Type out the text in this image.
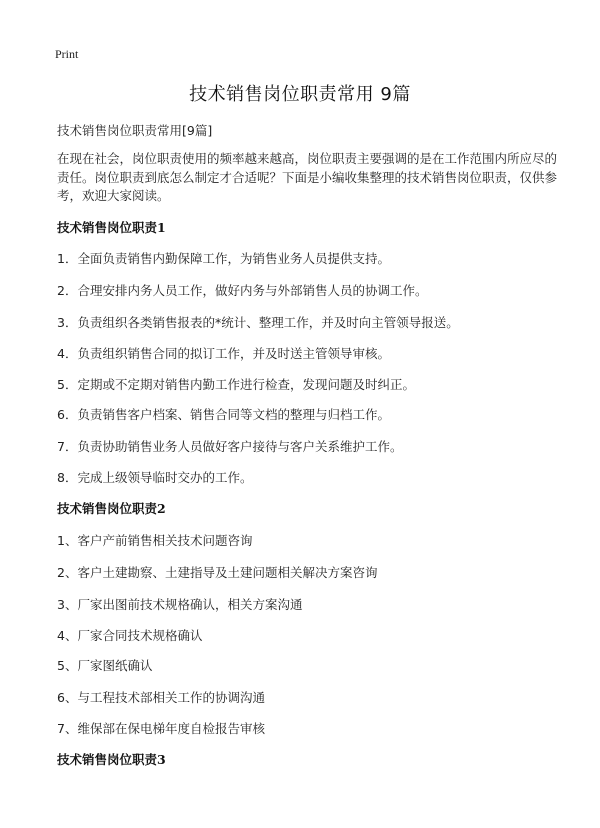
Print
技术销售岗位职责常用 9篇
技术销售岗位职责常用[9篇]
在现在社会，岗位职责使用的频率越来越高，岗位职责主要强调的是在工作范围内所应尽的责任。岗位职责到底怎么制定才合适呢？下面是小编收集整理的技术销售岗位职责，仅供参考，欢迎大家阅读。
技术销售岗位职责1
1．全面负责销售内勤保障工作，为销售业务人员提供支持。
2．合理安排内务人员工作，做好内务与外部销售人员的协调工作。
3．负责组织各类销售报表的*统计、整理工作，并及时向主管领导报送。
4．负责组织销售合同的拟订工作，并及时送主管领导审核。
5．定期或不定期对销售内勤工作进行检查，发现问题及时纠正。
6．负责销售客户档案、销售合同等文档的整理与归档工作。
7．负责协助销售业务人员做好客户接待与客户关系维护工作。
8．完成上级领导临时交办的工作。
技术销售岗位职责2
1、客户产前销售相关技术问题咨询
2、客户土建勘察、土建指导及土建问题相关解决方案咨询
3、厂家出图前技术规格确认，相关方案沟通
4、厂家合同技术规格确认
5、厂家图纸确认
6、与工程技术部相关工作的协调沟通
7、维保部在保电梯年度自检报告审核
技术销售岗位职责3
